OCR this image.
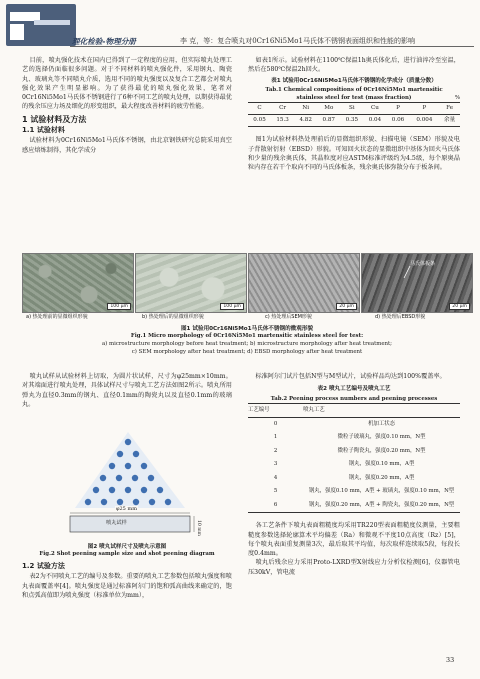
理化检验-物理分册	李 克，等：复合喷丸对0Cr16Ni5Mo1马氏体不锈钢表面组织和性能的影响

目前，喷丸强化技术在国内已得到了一定程度的应用，但实际喷丸处理工艺的选择仍面临很多问题。对于不同材料的喷丸强化件，采用钢丸、陶瓷丸、玻璃丸等不同喷丸介质，选用不同的喷丸强度以及复合工艺都会对喷丸强化效果产生明显影响。为了获得最优的喷丸强化效果，笔者对0Cr16Ni5Mo1马氏体不锈钢进行了6种不同工艺的喷丸处理，以期获得最优的残余压应力场及细化的形变组织，最大程度改善材料的疲劳性能。

1 试验材料及方法
1.1 试验材料

试验材料为0Cr16Ni5Mo1马氏体不锈钢，由北京钢铁研究总院采用真空感应熔炼制得，其化学成分

如表1所示。试验材料在1100℃保温1h奥氏体化后，进行油淬冷至室温，然后在580℃保温2h回火。

表1 试验用0Cr16Ni5Mo1马氏体不锈钢的化学成分（质量分数）
Tab.1 Chemical compositions of 0Cr16Ni5Mo1 martensitic
stainless steel for test (mass fraction)	%
C	Cr	Ni	Mo	Si	Cu	P	P	Fe
0.05	15.3	4.82	0.87	0.35	0.04	0.06	0.004	余量

图1为试验材料热处理前后的显微组织形貌、扫描电镜（SEM）形貌及电子背散射衍射（EBSD）形貌。可知回火状态的显微组织中基体为回火马氏体和少量的残余奥氏体，其晶粒度对应ASTM标准评级约为4.5级，每个原奥晶粒内存在若干个取向不同的马氏体板条，残余奥氏体弥散分布于板条间。

100 μm	100 μm	20 μm
马氏体板条
20 μm
a) 热处理前的显微组织形貌	b) 热处理后的显微组织形貌	c) 热处理后SEM形貌	d) 热处理后EBSD形貌
图1 试验用0Cr16Ni5Mo1马氏体不锈钢的微观形貌
Fig.1 Micro morphology of 0Cr16Ni5Mo1 martensitic stainless steel for test:
a) microstructure morphology before heat treatment; b) microstructure morphology after heat treatment;
c) SEM morphology after heat treatment; d) EBSD morphology after heat treatment

喷丸试样从试验材料上切取，为圆片状试样，尺寸为φ25mm×10mm。对其端面进行喷丸处理，具体试样尺寸与喷丸工艺方法如图2所示。喷丸所用弹丸为直径0.3mm的钢丸、直径0.1mm的陶瓷丸以及直径0.1mm的玻璃丸。

φ25 mm
10 mm
喷丸试样
图2 喷丸试样尺寸及喷丸示意图
Fig.2 Shot peening sample size and shot peening diagram
1.2 试验方法

表2为不同喷丸工艺的编号及参数。重要的喷丸工艺参数包括喷丸强度和喷丸表面覆盖率[4]。喷丸强度是通过标准阿尔门的饱和弧高曲线来确定的，饱和点弧高值即为喷丸强度（标准单位为mm），

标准阿尔门试片包括N型与M型试片，试验样品均达到100%覆盖率。

表2 喷丸工艺编号及喷丸工艺
Tab.2 Peening process numbers and peening processes
工艺编号	喷丸工艺
0	机加工状态
1	微粒子玻璃丸，强度0.10 mm，N型
2	微粒子陶瓷丸，强度0.20 mm，N型
3	钢丸，强度0.10 mm，A型
4	钢丸，强度0.20 mm，A型
5	钢丸，强度0.10 mm，A型 + 玻璃丸，强度0.10 mm，N型
6	钢丸，强度0.20 mm，A型 + 陶瓷丸，强度0.20 mm，N型

各工艺条件下喷丸表面粗糙度均采用TR220型表面粗糙度仪测量，主要粗糙度参数选择轮廓算术平均偏差（Ra）和微观不平度10点高度（Rz）[5]，每个喷丸表面重复测量3次，最后取其平均值，每次取样连续取5段，每段长度0.4mm。

喷丸后残余应力采用Proto-LXRD型X射线应力分析仪检测[6]，仪器管电压30kV，管电流

33
